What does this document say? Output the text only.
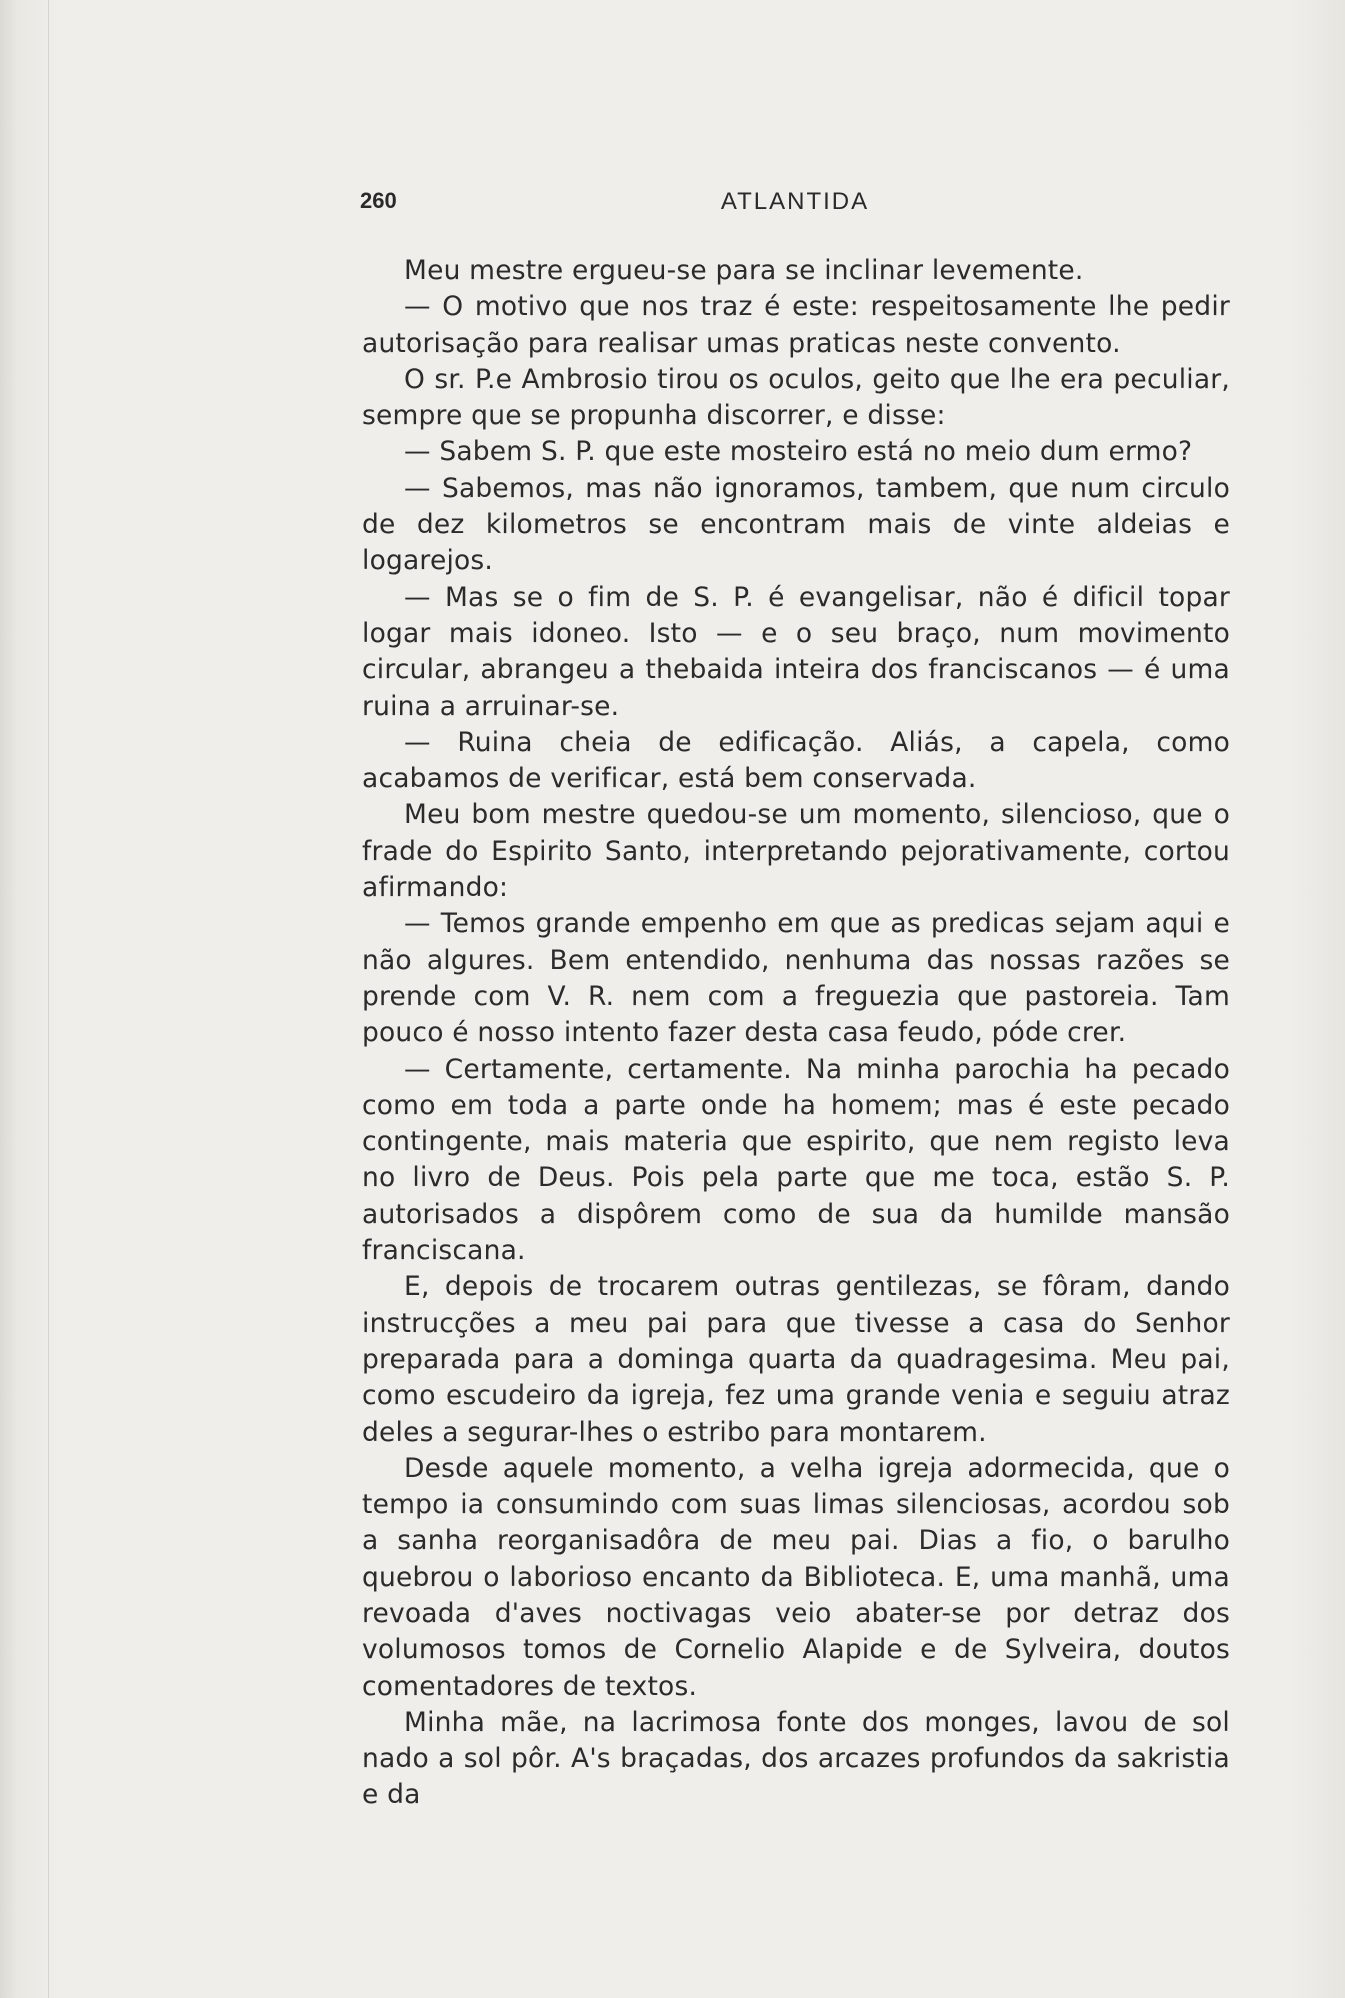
260	ATLANTIDA

Meu mestre ergueu-se para se inclinar levemente.

— O motivo que nos traz é este: respeitosamente lhe pedir autorisação para realisar umas praticas neste convento.

O sr. P.e Ambrosio tirou os oculos, geito que lhe era peculiar, sempre que se propunha discorrer, e disse:

— Sabem S. P. que este mosteiro está no meio dum ermo?

— Sabemos, mas não ignoramos, tambem, que num circulo de dez kilometros se encontram mais de vinte aldeias e logarejos.

— Mas se o fim de S. P. é evangelisar, não é dificil topar logar mais idoneo. Isto — e o seu braço, num movimento circular, abrangeu a thebaida inteira dos franciscanos — é uma ruina a arruinar-se.

— Ruina cheia de edificação. Aliás, a capela, como acabamos de verificar, está bem conservada.

Meu bom mestre quedou-se um momento, silencioso, que o frade do Espirito Santo, interpretando pejorativamente, cortou afirmando:

— Temos grande empenho em que as predicas sejam aqui e não algures. Bem entendido, nenhuma das nossas razões se prende com V. R. nem com a freguezia que pastoreia. Tam pouco é nosso intento fazer desta casa feudo, póde crer.

— Certamente, certamente. Na minha parochia ha pecado como em toda a parte onde ha homem; mas é este pecado contingente, mais materia que espirito, que nem registo leva no livro de Deus. Pois pela parte que me toca, estão S. P. autorisados a dispôrem como de sua da humilde mansão franciscana.

E, depois de trocarem outras gentilezas, se fôram, dando instrucções a meu pai para que tivesse a casa do Senhor preparada para a dominga quarta da quadragesima. Meu pai, como escudeiro da igreja, fez uma grande venia e seguiu atraz deles a segurar-lhes o estribo para montarem.

Desde aquele momento, a velha igreja adormecida, que o tempo ia consumindo com suas limas silenciosas, acordou sob a sanha reorganisadôra de meu pai. Dias a fio, o barulho quebrou o laborioso encanto da Biblioteca. E, uma manhã, uma revoada d'aves noctivagas veio abater-se por detraz dos volumosos tomos de Cornelio Alapide e de Sylveira, doutos comentadores de textos.

Minha mãe, na lacrimosa fonte dos monges, lavou de sol nado a sol pôr. A's braçadas, dos arcazes profundos da sakristia e da
